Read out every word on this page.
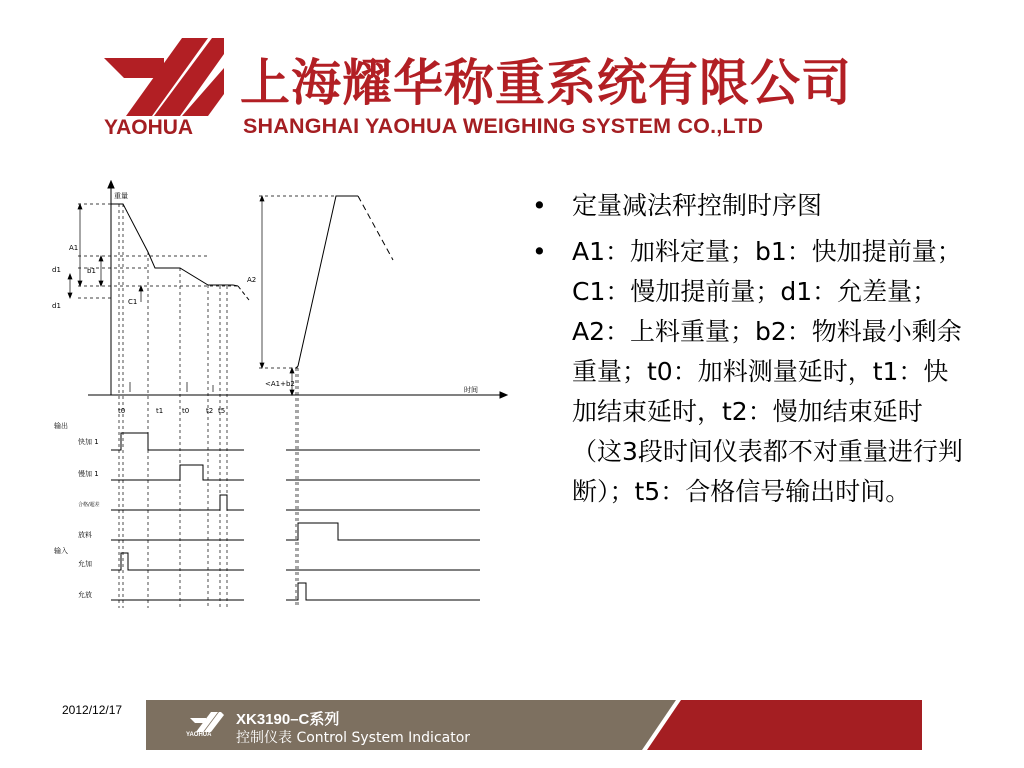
YAOHUA
上海耀华称重系统有限公司
SHANGHAI YAOHUA WEIGHING SYSTEM CO.,LTD
重量
时间
A1
b1
d1
d1	C1
A2
<A1+b2
t0	t1	t0 t2 t5
输出
输入
快加 1
慢加 1
合格/超差
放料
允加
允放
• 定量减法秤控制时序图
• A1：加料定量；b1：快加提前量；C1：慢加提前量；d1：允差量；A2：上料重量；b2：物料最小剩余重量；t0：加料测量延时，t1：快加结束延时，t2：慢加结束延时（这3段时间仪表都不对重量进行判断）；t5：合格信号输出时间。
2012/12/17
YAOHUA
XK3190–C系列
控制仪表 Control System Indicator
